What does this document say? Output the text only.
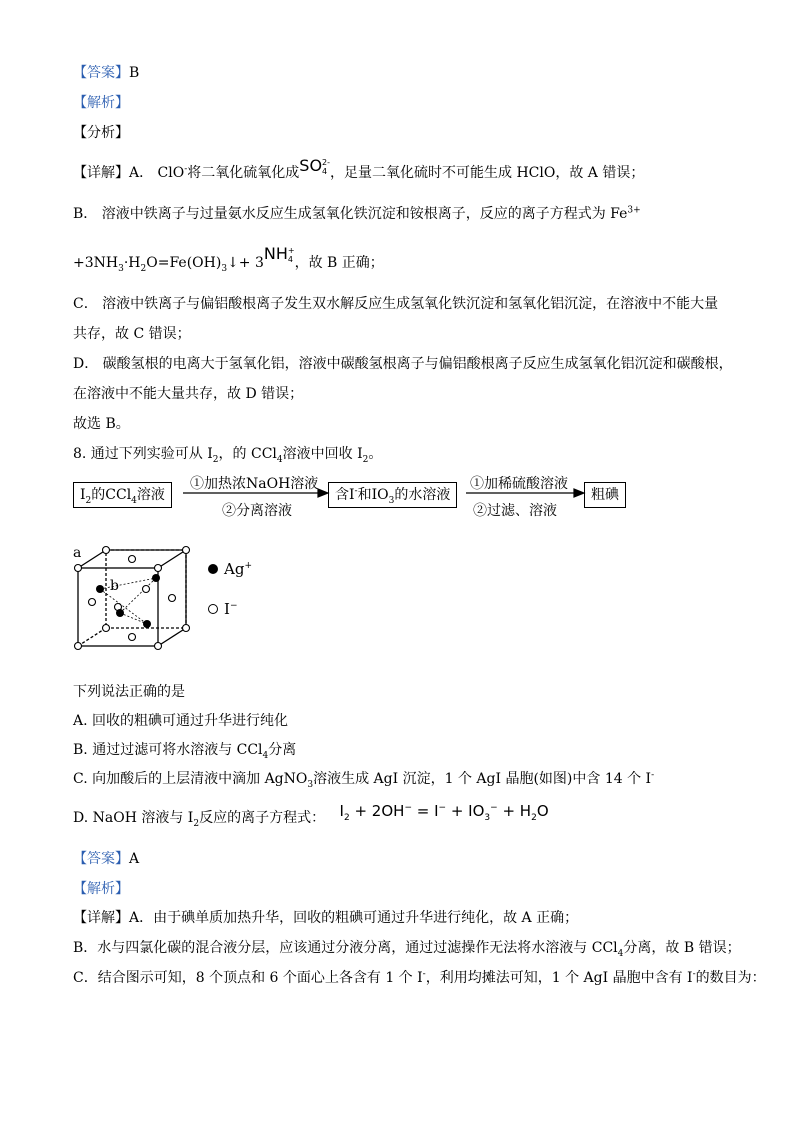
【答案】B
【解析】
【分析】
【详解】A． ClO-将二氧化硫氧化成SO 2-
4 ，足量二氧化硫时不可能生成 HClO，故 A 错误；
B． 溶液中铁离子与过量氨水反应生成氢氧化铁沉淀和铵根离子，反应的离子方程式为 $Fe^{3+}$
$+3NH_3\cdot H_2O=Fe(OH)_3↓+ 3NH$ +
4 ，故 B 正确；
C． 溶液中铁离子与偏铝酸根离子发生双水解反应生成氢氧化铁沉淀和氢氧化铝沉淀，在溶液中不能大量
共存，故 C 错误；
D． 碳酸氢根的电离大于氢氧化铝，溶液中碳酸氢根离子与偏铝酸根离子反应生成氢氧化铝沉淀和碳酸根，
在溶液中不能大量共存，故 D 错误；
故选 B。
8. 通过下列实验可从 $I_2$，的 CCl$_4$溶液中回收 $I_2$。
$I_2$的CCl$_4$溶液
①加热浓NaOH溶液
②分离溶液
含I-和$IO_3$的水溶液
①加稀硫酸溶液
②过滤、溶液
粗碘
a
b
Ag+
I−
下列说法正确的是
A. 回收的粗碘可通过升华进行纯化
B. 通过过滤可将水溶液与 CCl$_4$分离
C. 向加酸后的上层清液中滴加 AgNO$_3$溶液生成 AgI 沉淀，1 个 AgI 晶胞(如图)中含 14 个 I-
D. NaOH 溶液与 $I_2$反应的离子方程式： $I_2 + 2OH^- = I^- + IO_3^- + H_2O$
【答案】A
【解析】
【详解】A．由于碘单质加热升华，回收的粗碘可通过升华进行纯化，故 A 正确；
B．水与四氯化碳的混合液分层，应该通过分液分离，通过过滤操作无法将水溶液与 CCl$_4$分离，故 B 错误；
C．结合图示可知，8 个顶点和 6 个面心上各含有 1 个 I-，利用均摊法可知，1 个 AgI 晶胞中含有 I-的数目为：
